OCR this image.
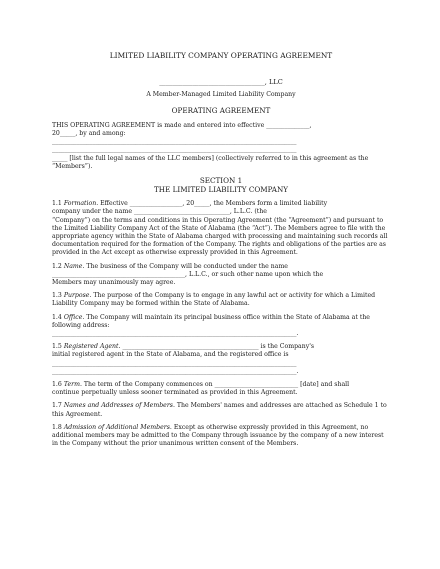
LIMITED LIABILITY COMPANY OPERATING AGREEMENT
________________________________, LLC
A Member-Managed Limited Liability Company
OPERATING AGREEMENT
THIS OPERATING AGREEMENT is made and entered into effective ______________,
20_____, by and among:
_______________________________________________________________________________
_______________________________________________________________________________
_____ [list the full legal names of the LLC members] (collectively referred to in this agreement as the
“Members”).
SECTION 1
THE LIMITED LIABILITY COMPANY
1.1 Formation. Effective _________________, 20_____, the Members form a limited liability
company under the name _______________________________, L.L.C. (the
“Company”) on the terms and conditions in this Operating Agreement (the “Agreement”) and pursuant to
the Limited Liability Company Act of the State of Alabama (the “Act”). The Members agree to file with the
appropriate agency within the State of Alabama charged with processing and maintaining such records all
documentation required for the formation of the Company. The rights and obligations of the parties are as
provided in the Act except as otherwise expressly provided in this Agreement.
1.2 Name. The business of the Company will be conducted under the name
___________________________________________, L.L.C., or such other name upon which the
Members may unanimously may agree.
1.3 Purpose. The purpose of the Company is to engage in any lawful act or activity for which a Limited
Liability Company may be formed within the State of Alabama.
1.4 Office. The Company will maintain its principal business office within the State of Alabama at the
following address:
_______________________________________________________________________________.
1.5 Registered Agent. ____________________________________________ is the Company's
initial registered agent in the State of Alabama, and the registered office is
_______________________________________________________________________________
_______________________________________________________________________________.
1.6 Term. The term of the Company commences on ___________________________ [date] and shall
continue perpetually unless sooner terminated as provided in this Agreement.
1.7 Names and Addresses of Members. The Members' names and addresses are attached as Schedule 1 to
this Agreement.
1.8 Admission of Additional Members. Except as otherwise expressly provided in this Agreement, no
additional members may be admitted to the Company through issuance by the company of a new interest
in the Company without the prior unanimous written consent of the Members.
